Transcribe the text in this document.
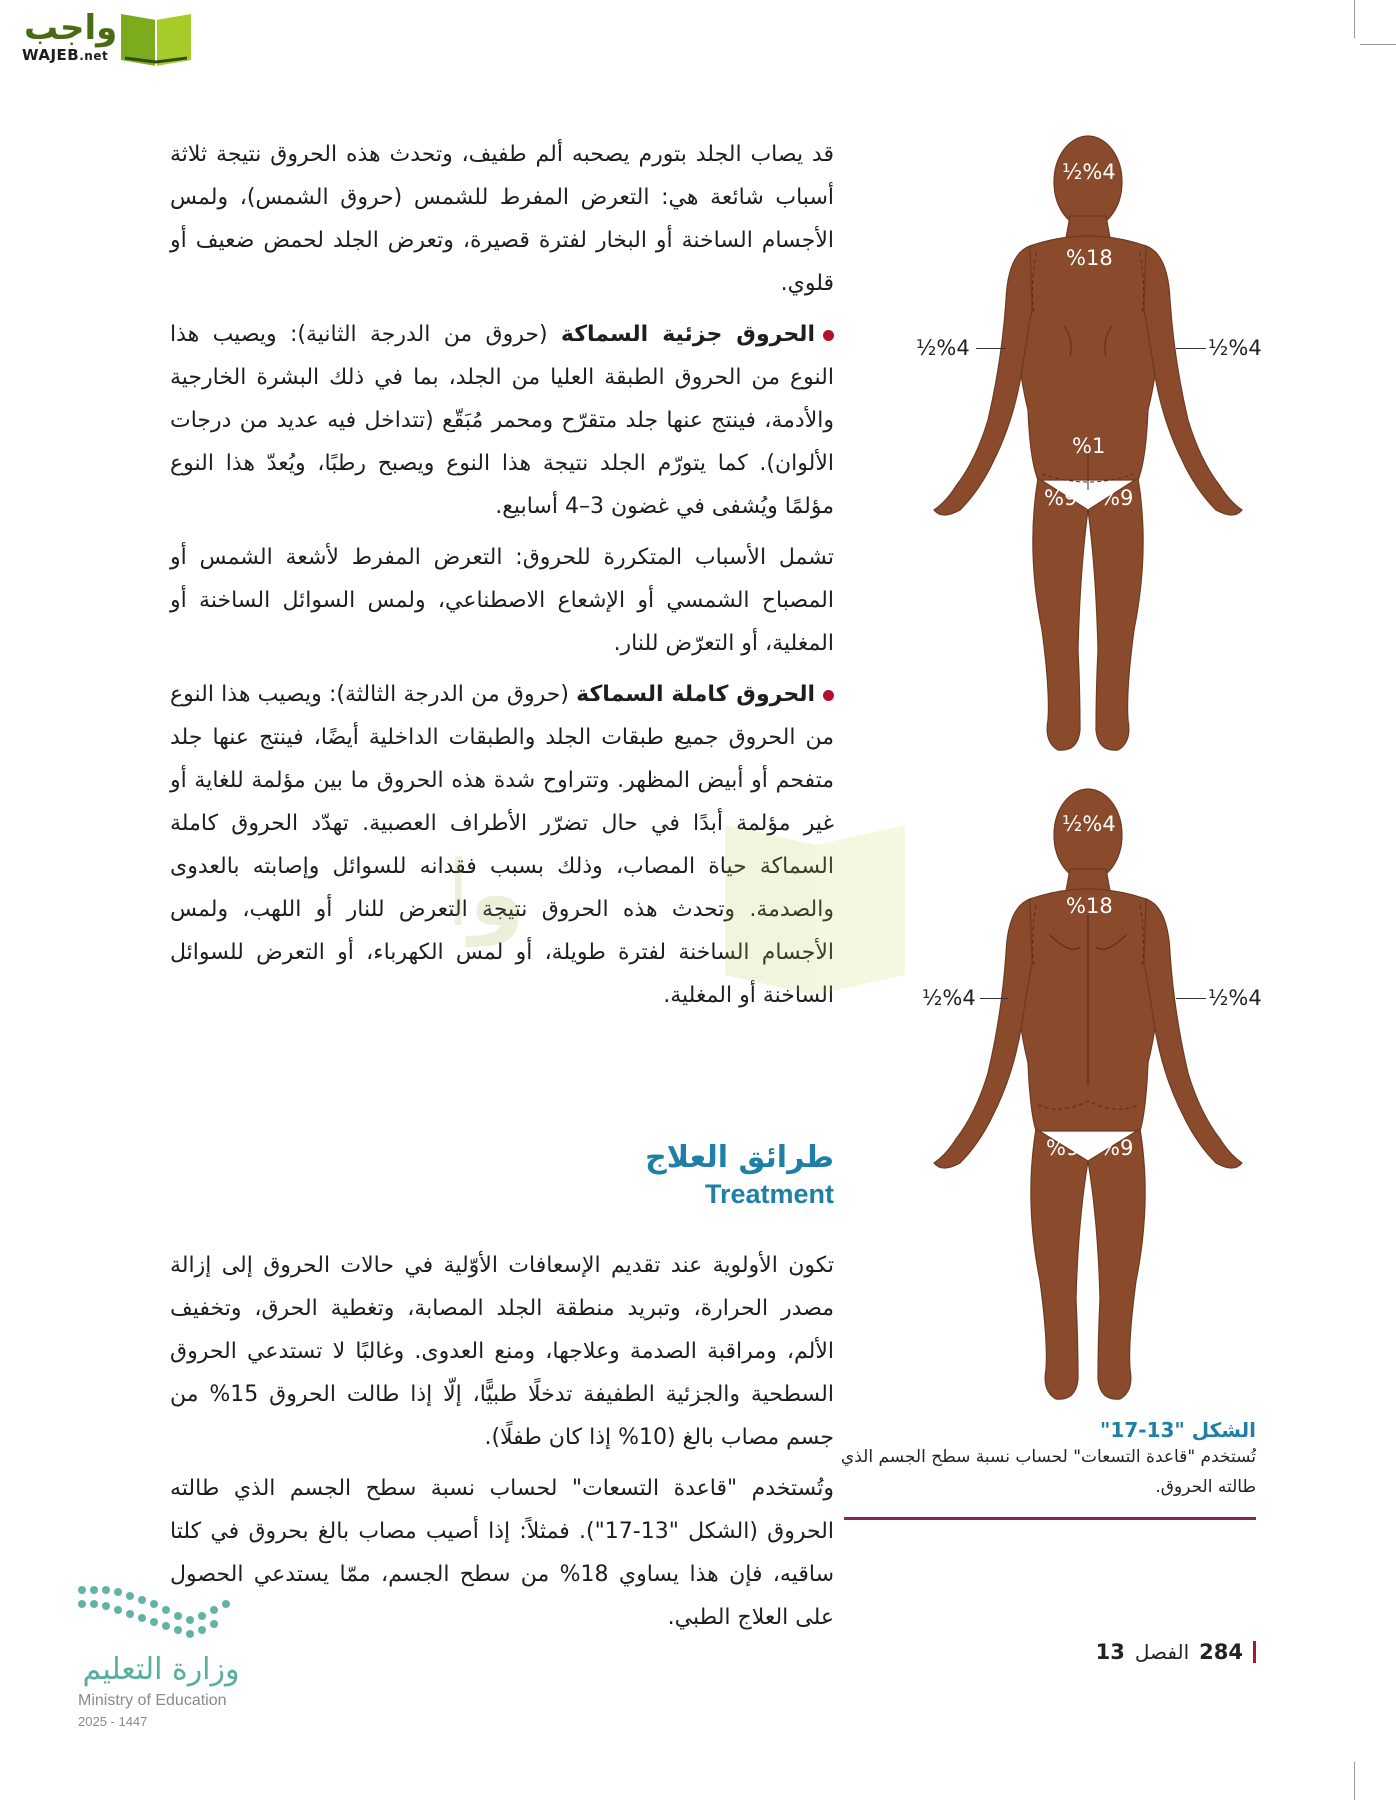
واجب
WAJEB.net

قد يصاب الجلد بتورم يصحبه ألم طفيف، وتحدث هذه الحروق نتيجة ثلاثة أسباب شائعة هي: التعرض المفرط للشمس (حروق الشمس)، ولمس الأجسام الساخنة أو البخار لفترة قصيرة، وتعرض الجلد لحمض ضعيف أو قلوي.

الحروق جزئية السماكة (حروق من الدرجة الثانية): ويصيب هذا النوع من الحروق الطبقة العليا من الجلد، بما في ذلك البشرة الخارجية والأدمة، فينتج عنها جلد متقرّح ومحمر مُبَقّع (تتداخل فيه عديد من درجات الألوان). كما يتورّم الجلد نتيجة هذا النوع ويصبح رطبًا، ويُعدّ هذا النوع مؤلمًا ويُشفى في غضون 3–4 أسابيع.

تشمل الأسباب المتكررة للحروق: التعرض المفرط لأشعة الشمس أو المصباح الشمسي أو الإشعاع الاصطناعي، ولمس السوائل الساخنة أو المغلية، أو التعرّض للنار.

الحروق كاملة السماكة (حروق من الدرجة الثالثة): ويصيب هذا النوع من الحروق جميع طبقات الجلد والطبقات الداخلية أيضًا، فينتج عنها جلد متفحم أو أبيض المظهر. وتتراوح شدة هذه الحروق ما بين مؤلمة للغاية أو غير مؤلمة أبدًا في حال تضرّر الأطراف العصبية. تهدّد الحروق كاملة السماكة حياة المصاب، وذلك بسبب فقدانه للسوائل وإصابته بالعدوى والصدمة. وتحدث هذه الحروق نتيجة التعرض للنار أو اللهب، ولمس الأجسام الساخنة لفترة طويلة، أو لمس الكهرباء، أو التعرض للسوائل الساخنة أو المغلية.

طرائق العلاج
Treatment

تكون الأولوية عند تقديم الإسعافات الأوّلية في حالات الحروق إلى إزالة مصدر الحرارة، وتبريد منطقة الجلد المصابة، وتغطية الحرق، وتخفيف الألم، ومراقبة الصدمة وعلاجها، ومنع العدوى. وغالبًا لا تستدعي الحروق السطحية والجزئية الطفيفة تدخلًا طبيًّا، إلّا إذا طالت الحروق 15% من جسم مصاب بالغ (10% إذا كان طفلًا).

وتُستخدم "قاعدة التسعات" لحساب نسبة سطح الجسم الذي طالته الحروق (الشكل "13-17"). فمثلاً: إذا أصيب مصاب بالغ بحروق في كلتا ساقيه، فإن هذا يساوي 18% من سطح الجسم، ممّا يستدعي الحصول على العلاج الطبي.

و
%4½
%18
%1
%9 %9
%4½	%4½
%4½
%18
%9 %9
%4½	%4½
الشكل "13-17"
تُستخدم "قاعدة التسعات" لحساب نسبة سطح الجسم الذي طالته الحروق.
284
الفصل
13
وزارة التعليم
Ministry of Education
2025 - 1447
